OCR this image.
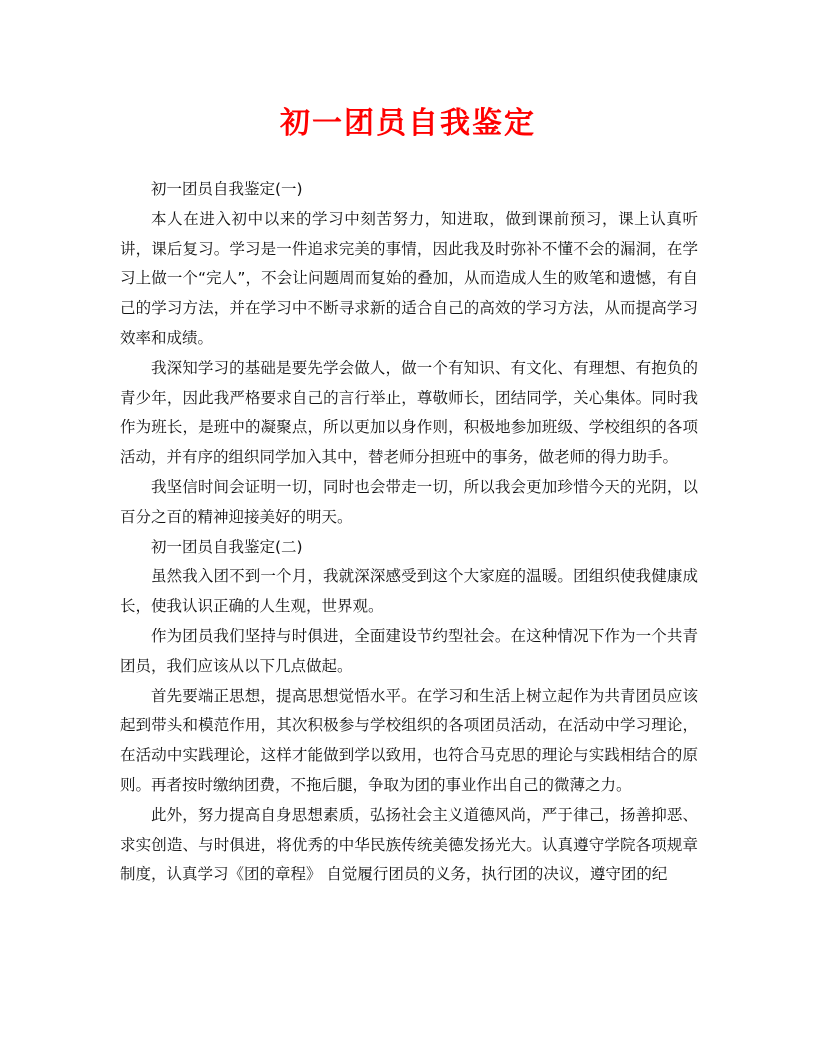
初一团员自我鉴定

初一团员自我鉴定(一)

本人在进入初中以来的学习中刻苦努力，知进取，做到课前预习，课上认真听讲，课后复习。学习是一件追求完美的事情，因此我及时弥补不懂不会的漏洞，在学习上做一个“完人”，不会让问题周而复始的叠加，从而造成人生的败笔和遗憾，有自己的学习方法，并在学习中不断寻求新的适合自己的高效的学习方法，从而提高学习效率和成绩。

我深知学习的基础是要先学会做人，做一个有知识、有文化、有理想、有抱负的青少年，因此我严格要求自己的言行举止，尊敬师长，团结同学，关心集体。同时我作为班长，是班中的凝聚点，所以更加以身作则，积极地参加班级、学校组织的各项活动，并有序的组织同学加入其中，替老师分担班中的事务，做老师的得力助手。

我坚信时间会证明一切，同时也会带走一切，所以我会更加珍惜今天的光阴，以百分之百的精神迎接美好的明天。

初一团员自我鉴定(二)

虽然我入团不到一个月，我就深深感受到这个大家庭的温暖。团组织使我健康成长，使我认识正确的人生观，世界观。

作为团员我们坚持与时俱进，全面建设节约型社会。在这种情况下作为一个共青团员，我们应该从以下几点做起。

首先要端正思想，提高思想觉悟水平。在学习和生活上树立起作为共青团员应该起到带头和模范作用，其次积极参与学校组织的各项团员活动，在活动中学习理论，在活动中实践理论，这样才能做到学以致用，也符合马克思的理论与实践相结合的原则。再者按时缴纳团费，不拖后腿，争取为团的事业作出自己的微薄之力。

此外，努力提高自身思想素质，弘扬社会主义道德风尚，严于律己，扬善抑恶、求实创造、与时俱进，将优秀的中华民族传统美德发扬光大。认真遵守学院各项规章制度，认真学习《团的章程》 自觉履行团员的义务，执行团的决议，遵守团的纪
